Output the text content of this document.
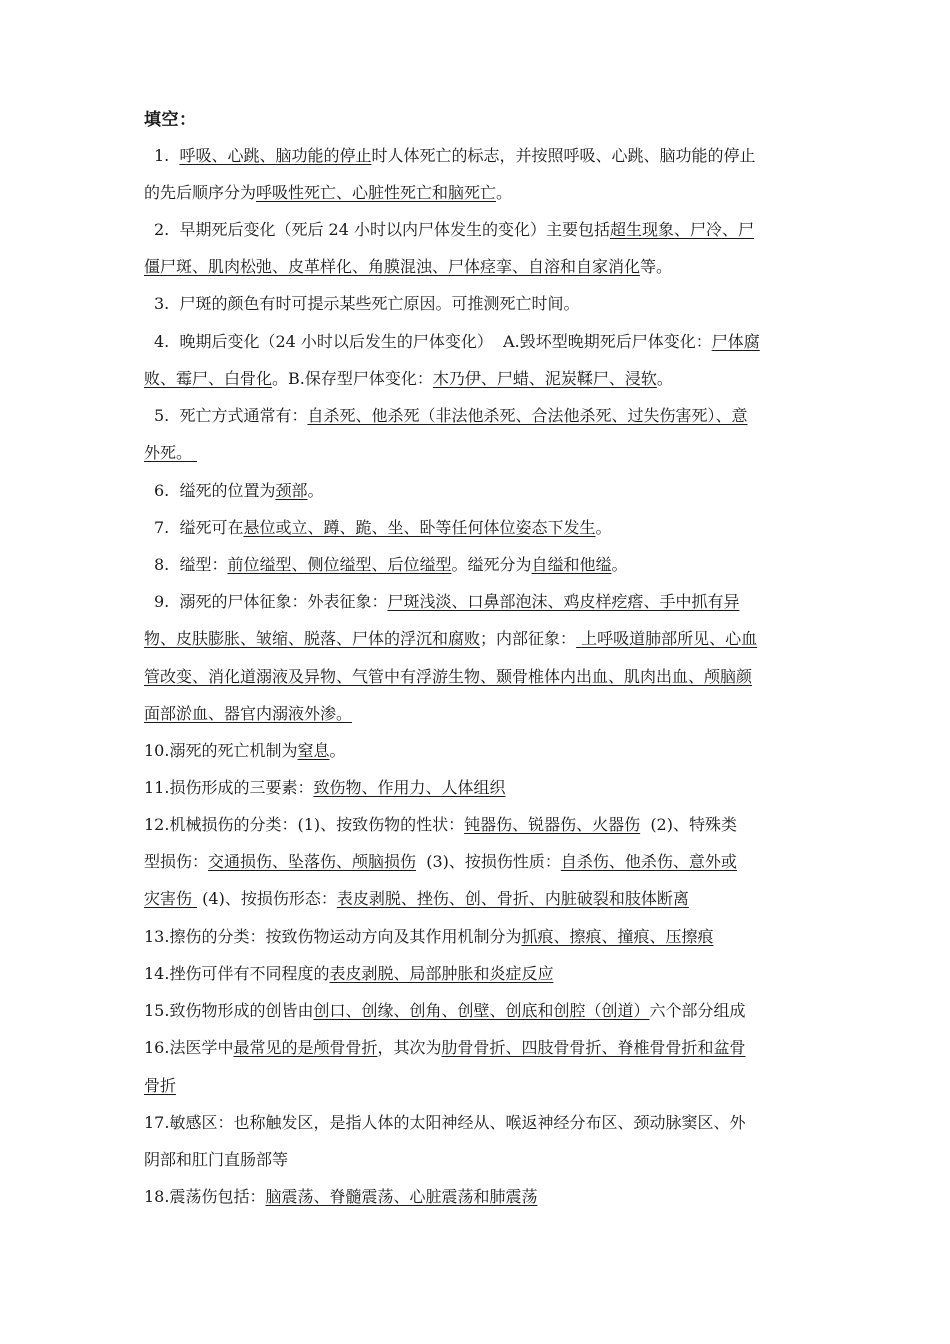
填空：
1.  呼吸、心跳、脑功能的停止时人体死亡的标志，并按照呼吸、心跳、脑功能的停止
的先后顺序分为呼吸性死亡、心脏性死亡和脑死亡。
2.  早期死后变化（死后 24 小时以内尸体发生的变化）主要包括超生现象、尸冷、尸
僵尸斑、肌肉松弛、皮革样化、角膜混浊、尸体痉挛、自溶和自家消化等。
3.  尸斑的颜色有时可提示某些死亡原因。可推测死亡时间。
4.  晚期后变化（24 小时以后发生的尸体变化）  A.毁坏型晚期死后尸体变化：尸体腐
败、霉尸、白骨化。B.保存型尸体变化：木乃伊、尸蜡、泥炭鞣尸、浸软。
5.  死亡方式通常有：自杀死、他杀死（非法他杀死、合法他杀死、过失伤害死）、意
外死。
6.  缢死的位置为颈部。
7.  缢死可在悬位或立、蹲、跪、坐、卧等任何体位姿态下发生。
8.  缢型：前位缢型、侧位缢型、后位缢型。缢死分为自缢和他缢。
9.  溺死的尸体征象：外表征象：尸斑浅淡、口鼻部泡沫、鸡皮样疙瘩、手中抓有异
物、皮肤膨胀、皱缩、脱落、尸体的浮沉和腐败；内部征象： 上呼吸道肺部所见、心血
管改变、消化道溺液及异物、气管中有浮游生物、颞骨椎体内出血、肌肉出血、颅脑颜
面部淤血、器官内溺液外渗。
10.溺死的死亡机制为窒息。
11.损伤形成的三要素：致伤物、作用力、人体组织
12.机械损伤的分类：(1)、按致伤物的性状：钝器伤、锐器伤、火器伤  (2)、特殊类
型损伤：交通损伤、坠落伤、颅脑损伤  (3)、按损伤性质：自杀伤、他杀伤、意外或
灾害伤  (4)、按损伤形态：表皮剥脱、挫伤、创、骨折、内脏破裂和肢体断离
13.擦伤的分类：按致伤物运动方向及其作用机制分为抓痕、擦痕、撞痕、压擦痕
14.挫伤可伴有不同程度的表皮剥脱、局部肿胀和炎症反应
15.致伤物形成的创皆由创口、创缘、创角、创壁、创底和创腔（创道）六个部分组成
16.法医学中最常见的是颅骨骨折，其次为肋骨骨折、四肢骨骨折、脊椎骨骨折和盆骨
骨折
17.敏感区：也称触发区，是指人体的太阳神经从、喉返神经分布区、颈动脉窦区、外
阴部和肛门直肠部等
18.震荡伤包括：脑震荡、脊髓震荡、心脏震荡和肺震荡
